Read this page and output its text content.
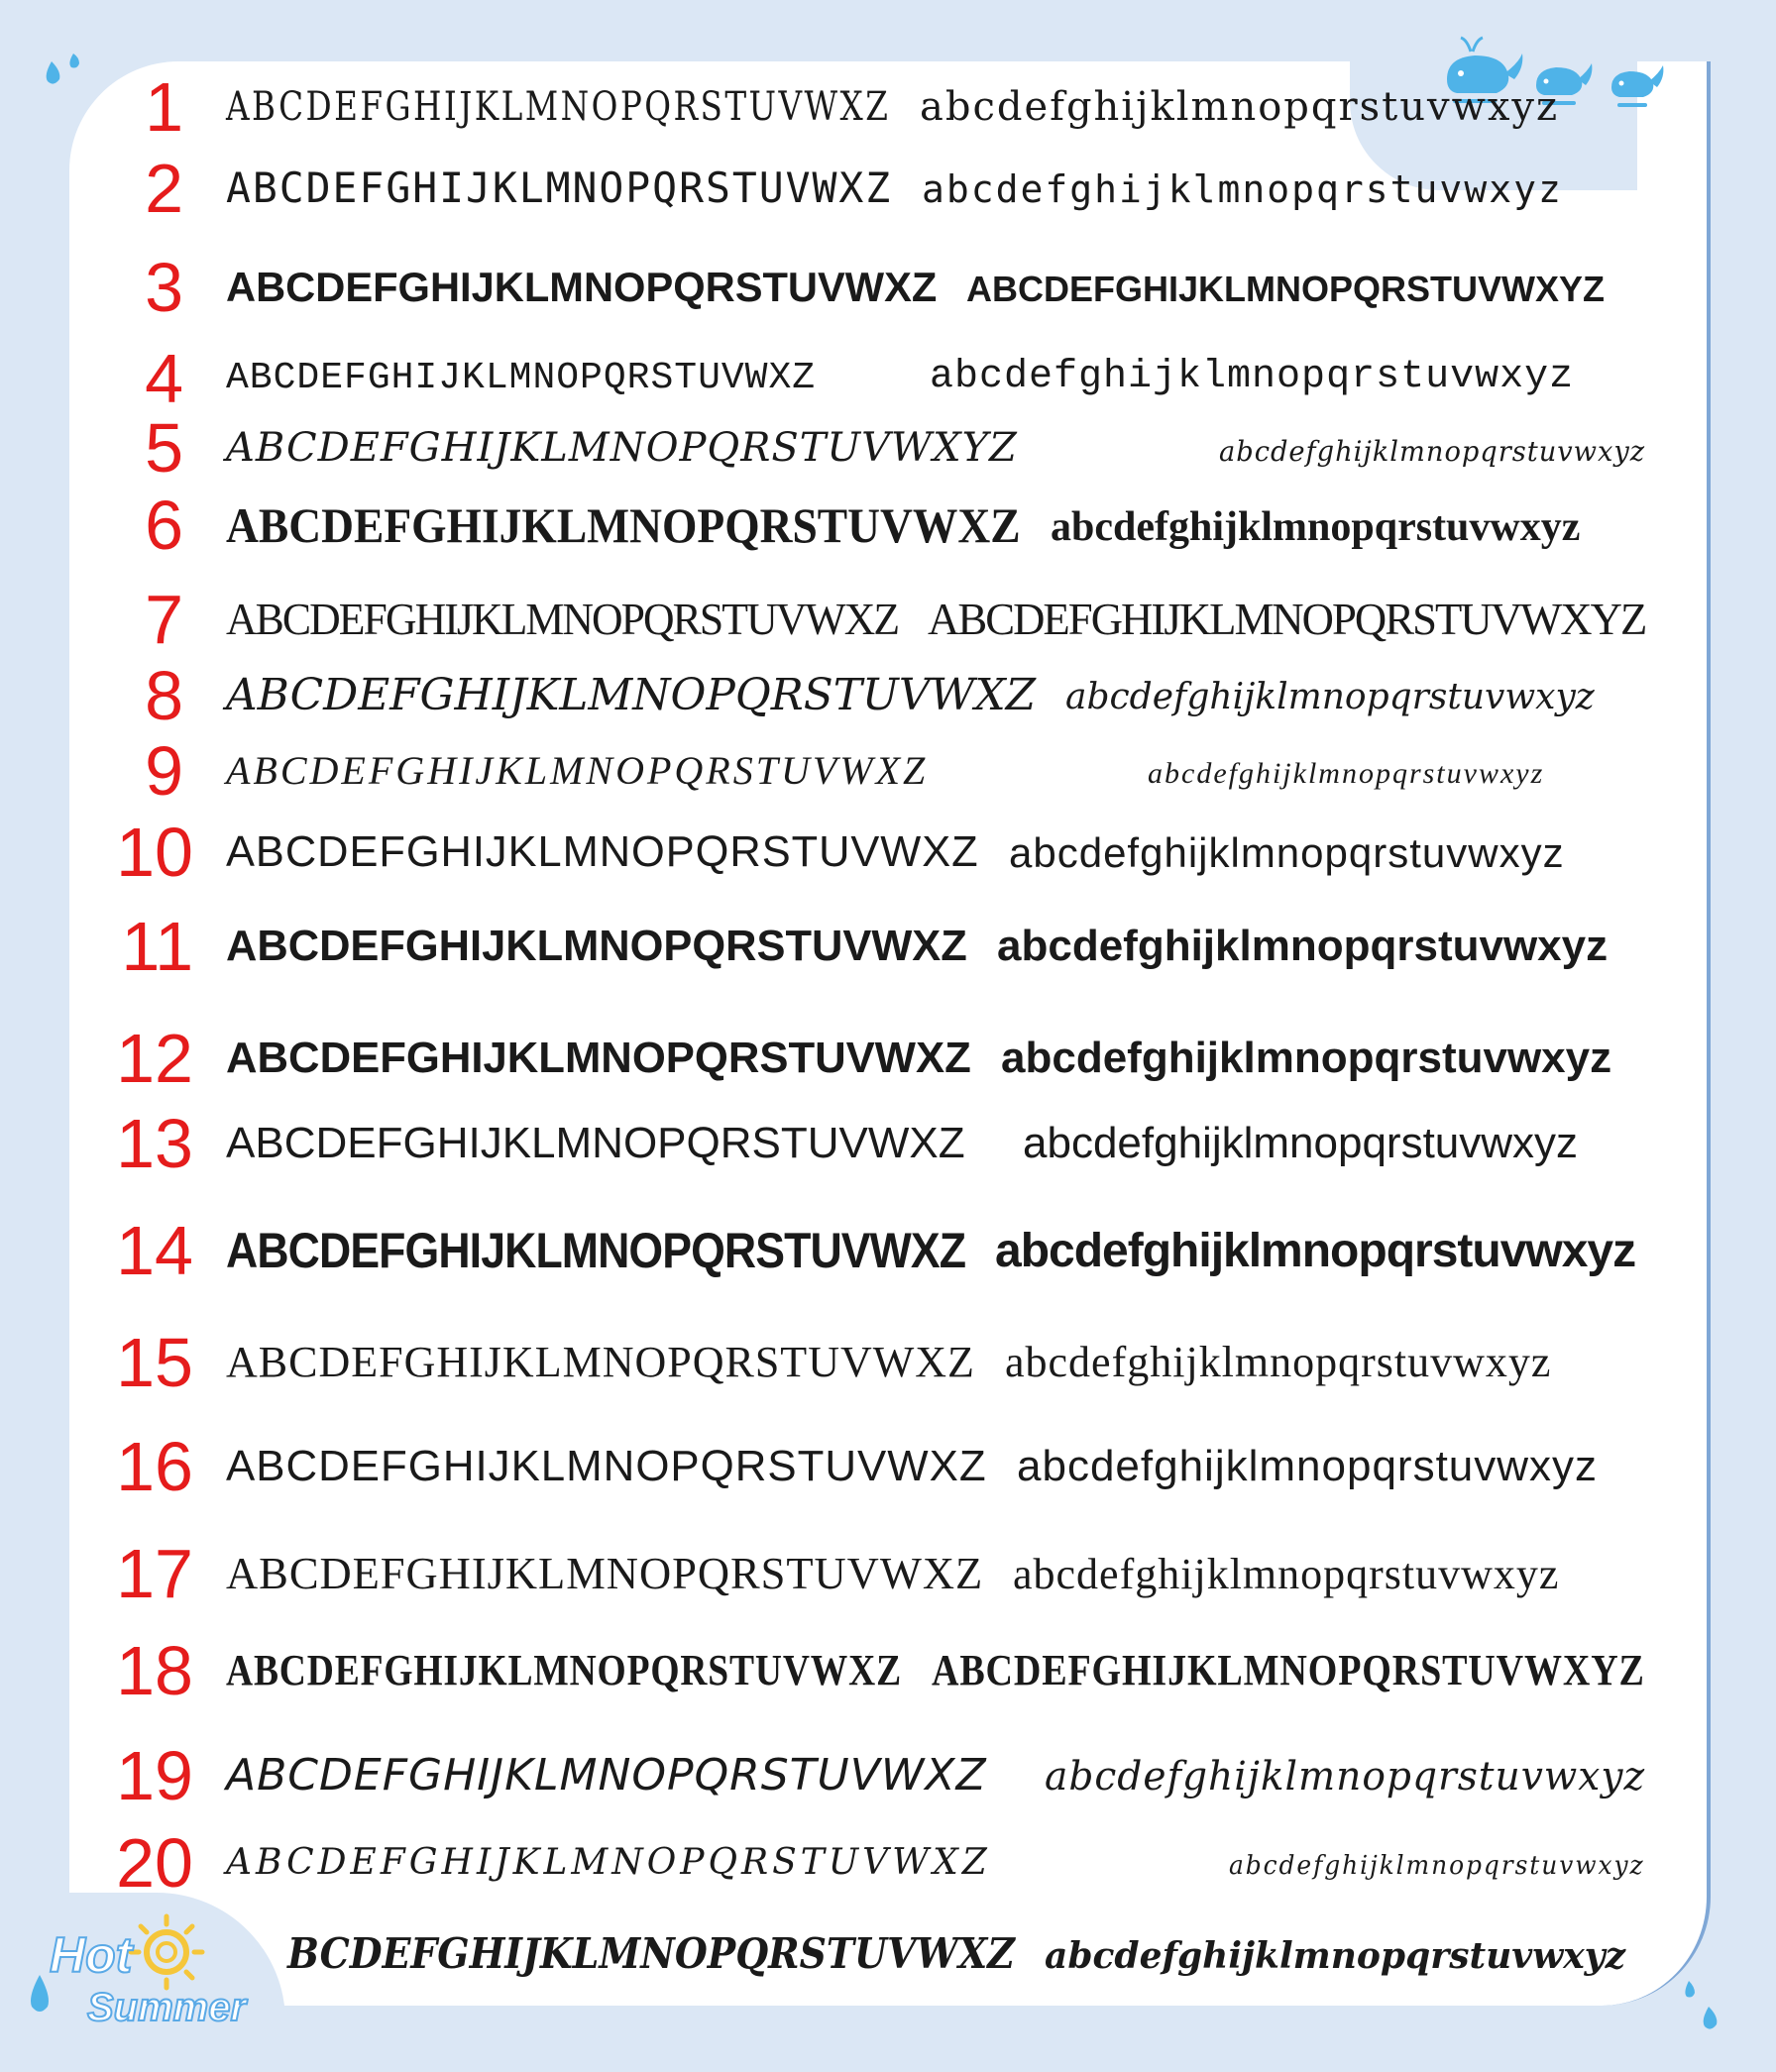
Hot
Summer
1 ABCDEFGHIJKLMNOPQRSTUVWXZ abcdefghijklmnopqrstuvwxyz
2 ABCDEFGHIJKLMNOPQRSTUVWXZ abcdefghijklmnopqrstuvwxyz
3 ABCDEFGHIJKLMNOPQRSTUVWXZ ABCDEFGHIJKLMNOPQRSTUVWXYZ
4 ABCDEFGHIJKLMNOPQRSTUVWXZ	abcdefghijklmnopqrstuvwxyz
5 ABCDEFGHIJKLMNOPQRSTUVWXYZ	abcdefghijklmnopqrstuvwxyz
6 ABCDEFGHIJKLMNOPQRSTUVWXZ abcdefghijklmnopqrstuvwxyz
7 ABCDEFGHIJKLMNOPQRSTUVWXZ ABCDEFGHIJKLMNOPQRSTUVWXYZ
8 ABCDEFGHIJKLMNOPQRSTUVWXZ abcdefghijklmnopqrstuvwxyz
9 ABCDEFGHIJKLMNOPQRSTUVWXZ	abcdefghijklmnopqrstuvwxyz
10 ABCDEFGHIJKLMNOPQRSTUVWXZ abcdefghijklmnopqrstuvwxyz
11 ABCDEFGHIJKLMNOPQRSTUVWXZ abcdefghijklmnopqrstuvwxyz
12 ABCDEFGHIJKLMNOPQRSTUVWXZ abcdefghijklmnopqrstuvwxyz
13 ABCDEFGHIJKLMNOPQRSTUVWXZ abcdefghijklmnopqrstuvwxyz
14 ABCDEFGHIJKLMNOPQRSTUVWXZ abcdefghijklmnopqrstuvwxyz
15 ABCDEFGHIJKLMNOPQRSTUVWXZ abcdefghijklmnopqrstuvwxyz
16 ABCDEFGHIJKLMNOPQRSTUVWXZ abcdefghijklmnopqrstuvwxyz
17 ABCDEFGHIJKLMNOPQRSTUVWXZ abcdefghijklmnopqrstuvwxyz
18 ABCDEFGHIJKLMNOPQRSTUVWXZ ABCDEFGHIJKLMNOPQRSTUVWXYZ
19 ABCDEFGHIJKLMNOPQRSTUVWXZ abcdefghijklmnopqrstuvwxyz
20 ABCDEFGHIJKLMNOPQRSTUVWXZ	abcdefghijklmnopqrstuvwxyz
BCDEFGHIJKLMNOPQRSTUVWXZ abcdefghijklmnopqrstuvwxyz
